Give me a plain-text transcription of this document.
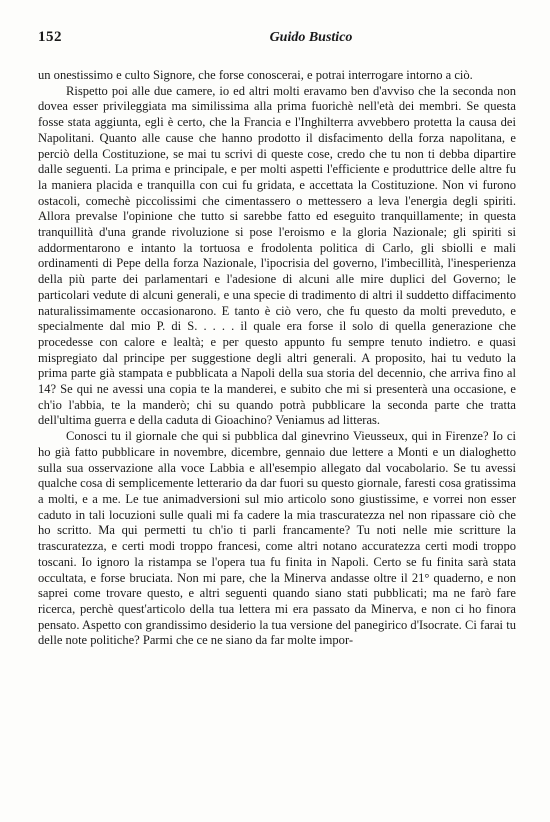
152	Guido Bustico

un onestissimo e culto Signore, che forse conoscerai, e potrai interrogare intorno a ciò.

Rispetto poi alle due camere, io ed altri molti eravamo ben d'avviso che la seconda non dovea esser privileggiata ma similissima alla prima fuorichè nell'età dei membri. Se questa fosse stata aggiunta, egli è certo, che la Francia e l'Inghilterra avvebbero protetta la causa dei Napolitani. Quanto alle cause che hanno prodotto il disfacimento della forza napolitana, e perciò della Costituzione, se mai tu scrivi di queste cose, credo che tu non ti debba dipartire dalle seguenti. La prima e principale, e per molti aspetti l'efficiente e produttrice delle altre fu la maniera placida e tranquilla con cui fu gridata, e accettata la Costituzione. Non vi furono ostacoli, comechè piccolissimi che cimentassero o mettessero a leva l'energia degli spiriti. Allora prevalse l'opinione che tutto si sarebbe fatto ed eseguito tranquillamente; in questa tranquillità d'una grande rivoluzione si pose l'eroismo e la gloria Nazionale; gli spiriti si addormentarono e intanto la tortuosa e frodolenta politica di Carlo, gli sbiolli e mali ordinamenti di Pepe della forza Nazionale, l'ipocrisia del governo, l'imbecillità, l'inesperienza della più parte dei parlamentari e l'adesione di alcuni alle mire duplici del Governo; le particolari vedute di alcuni generali, e una specie di tradimento di altri il suddetto diffacimento naturalissimamente occasionarono. E tanto è ciò vero, che fu questo da molti preveduto, e specialmente dal mio P. di S. . . . . il quale era forse il solo di quella generazione che procedesse con calore e lealtà; e per questo appunto fu sempre tenuto indietro. e quasi mispregiato dal principe per suggestione degli altri generali. A proposito, hai tu veduto la prima parte già stampata e pubblicata a Napoli della sua storia del decennio, che arriva fino al 14? Se qui ne avessi una copia te la manderei, e subito che mi si presenterà una occasione, e ch'io l'abbia, te la manderò; chi su quando potrà pubblicare la seconda parte che tratta dell'ultima guerra e della caduta di Gioachino? Veniamus ad litteras.

Conosci tu il giornale che qui si pubblica dal ginevrino Vieusseux, qui in Firenze? Io ci ho già fatto pubblicare in novembre, dicembre, gennaio due lettere a Monti e un dialoghetto sulla sua osservazione alla voce Labbia e all'esempio allegato dal vocabolario. Se tu avessi qualche cosa di semplicemente letterario da dar fuori su questo giornale, faresti cosa gratissima a molti, e a me. Le tue animadversioni sul mio articolo sono giustissime, e vorrei non esser caduto in tali locuzioni sulle quali mi fa cadere la mia trascuratezza nel non ripassare ciò che ho scritto. Ma qui permetti tu ch'io ti parli francamente? Tu noti nelle mie scritture la trascuratezza, e certi modi troppo francesi, come altri notano accuratezza certi modi troppo toscani. Io ignoro la ristampa se l'opera tua fu finita in Napoli. Certo se fu finita sarà stata occultata, e forse bruciata. Non mi pare, che la Minerva andasse oltre il 21° quaderno, e non saprei come trovare questo, e altri seguenti quando siano stati pubblicati; ma ne farò fare ricerca, perchè quest'articolo della tua lettera mi era passato da Minerva, e non ci ho finora pensato. Aspetto con grandissimo desiderio la tua versione del panegirico d'Isocrate. Ci farai tu delle note politiche? Parmi che ce ne siano da far molte impor-
